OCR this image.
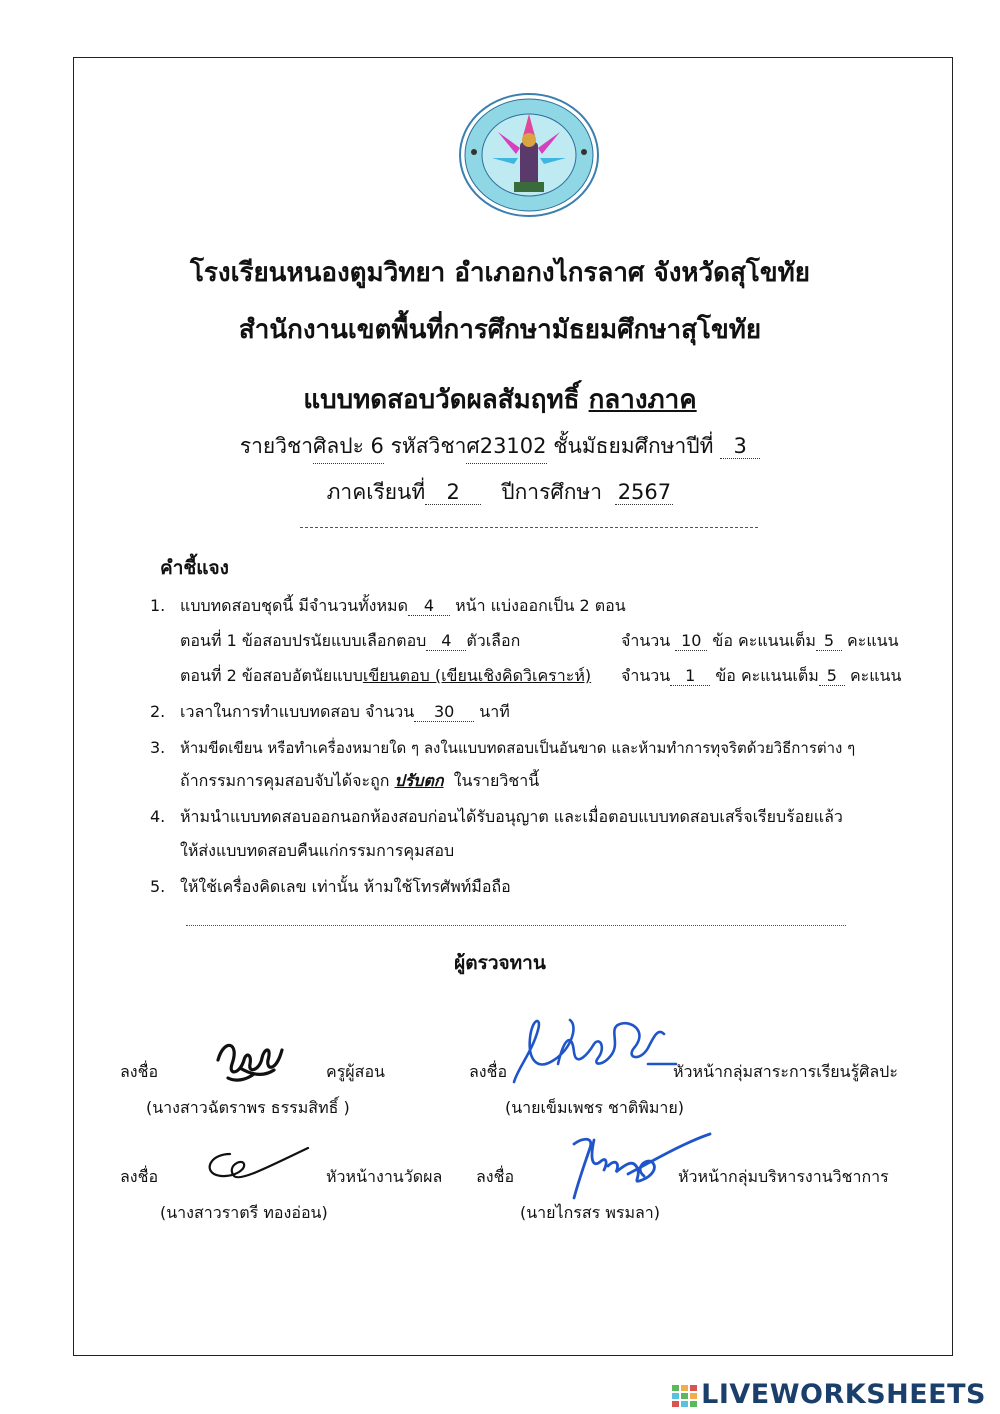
โรงเรียนหนองตูมวิทยา อำเภอกงไกรลาศ จังหวัดสุโขทัย
สำนักงานเขตพื้นที่การศึกษามัธยมศึกษาสุโขทัย
แบบทดสอบวัดผลสัมฤทธิ์ กลางภาค
รายวิชาศิลปะ 6 รหัสวิชาศ23102 ชั้นมัธยมศึกษาปีที่ 3
ภาคเรียนที่ 2 ปีการศึกษา 2567
คำชี้แจง
1. แบบทดสอบชุดนี้ มีจำนวนทั้งหมด 4 หน้า แบ่งออกเป็น 2 ตอน
ตอนที่ 1 ข้อสอบปรนัยแบบเลือกตอบ 4 ตัวเลือก	จำนวน 10 ข้อ คะแนนเต็ม 5 คะแนน
ตอนที่ 2 ข้อสอบอัตนัยแบบเขียนตอบ (เขียนเชิงคิดวิเคราะห์) จำนวน 1 ข้อ คะแนนเต็ม 5 คะแนน
2. เวลาในการทำแบบทดสอบ จำนวน 30 นาที
3. ห้ามขีดเขียน หรือทำเครื่องหมายใด ๆ ลงในแบบทดสอบเป็นอันขาด และห้ามทำการทุจริตด้วยวิธีการต่าง ๆ
ถ้ากรรมการคุมสอบจับได้จะถูก ปรับตก ในรายวิชานี้
4. ห้ามนำแบบทดสอบออกนอกห้องสอบก่อนได้รับอนุญาต และเมื่อตอบแบบทดสอบเสร็จเรียบร้อยแล้ว
ให้ส่งแบบทดสอบคืนแก่กรรมการคุมสอบ
5. ให้ใช้เครื่องคิดเลข เท่านั้น ห้ามใช้โทรศัพท์มือถือ
ผู้ตรวจทาน
ลงชื่อ	ครูผู้สอน
(นางสาวฉัตราพร ธรรมสิทธิ์ )
ลงชื่อ	หัวหน้ากลุ่มสาระการเรียนรู้ศิลปะ
(นายเข็มเพชร ชาติพิมาย)
ลงชื่อ	หัวหน้างานวัดผล
(นางสาวราตรี ทองอ่อน)
ลงชื่อ	หัวหน้ากลุ่มบริหารงานวิชาการ
(นายไกรสร พรมลา)
LIVEWORKSHEETS
